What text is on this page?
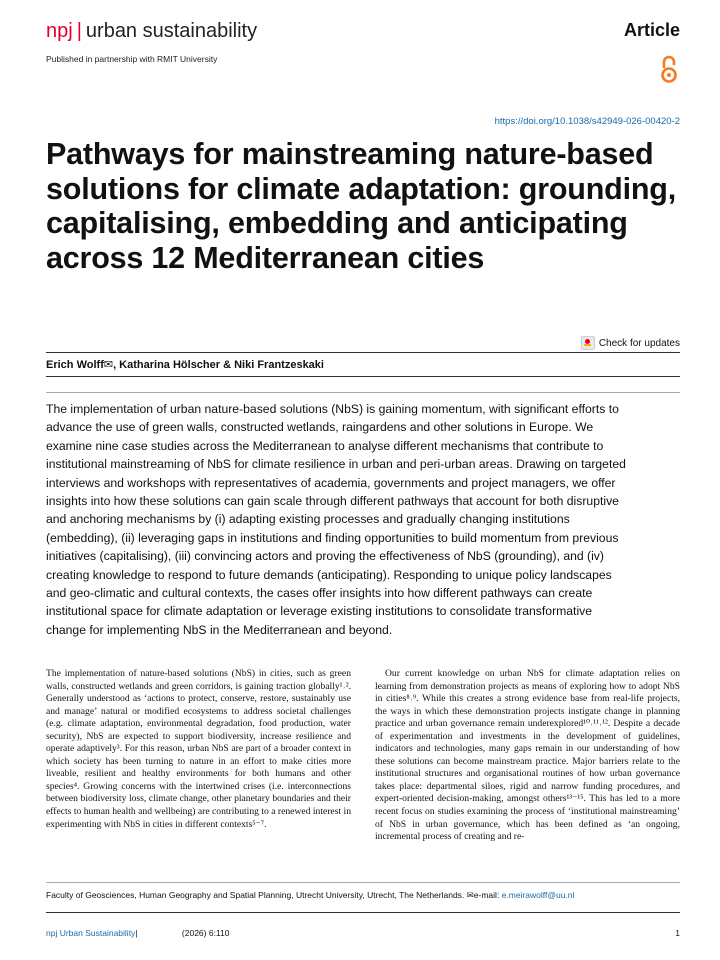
npj | urban sustainability	Article
Published in partnership with RMIT University
https://doi.org/10.1038/s42949-026-00420-2
Pathways for mainstreaming nature-based solutions for climate adaptation: grounding, capitalising, embedding and anticipating across 12 Mediterranean cities
Check for updates
Erich Wolff✉, Katharina Hölscher & Niki Frantzeskaki

The implementation of urban nature-based solutions (NbS) is gaining momentum, with significant efforts to advance the use of green walls, constructed wetlands, raingardens and other solutions in Europe. We examine nine case studies across the Mediterranean to analyse different mechanisms that contribute to institutional mainstreaming of NbS for climate resilience in urban and peri-urban areas. Drawing on targeted interviews and workshops with representatives of academia, governments and project managers, we offer insights into how these solutions can gain scale through different pathways that account for both disruptive and anchoring mechanisms by (i) adapting existing processes and gradually changing institutions (embedding), (ii) leveraging gaps in institutions and finding opportunities to build momentum from previous initiatives (capitalising), (iii) convincing actors and proving the effectiveness of NbS (grounding), and (iv) creating knowledge to respond to future demands (anticipating). Responding to unique policy landscapes and geo-climatic and cultural contexts, the cases offer insights into how different pathways can create institutional space for climate adaptation or leverage existing institutions to consolidate transformative change for implementing NbS in the Mediterranean and beyond.

The implementation of nature-based solutions (NbS) in cities, such as green walls, constructed wetlands and green corridors, is gaining traction globally¹˒². Generally understood as ‘actions to protect, conserve, restore, sustainably use and manage’ natural or modified ecosystems to address societal challenges (e.g. climate adaptation, environmental degradation, food production, water security), NbS are expected to support biodiversity, increase resilience and operate adaptively³. For this reason, urban NbS are part of a broader context in which society has been turning to nature in an effort to make cities more liveable, resilient and healthy environments for both humans and other species⁴. Growing concerns with the intertwined crises (i.e. interconnections between biodiversity loss, climate change, other planetary boundaries and their effects to human health and wellbeing) are contributing to a renewed interest in experimenting with NbS in cities in different contexts⁵⁻⁷.

Our current knowledge on urban NbS for climate adaptation relies on learning from demonstration projects as means of exploring how to adopt NbS in cities⁸˒⁹. While this creates a strong evidence base from real-life projects, the ways in which these demonstration projects instigate change in planning practice and urban governance remain underexplored¹⁰˒¹¹˒¹². Despite a decade of experimentation and investments in the development of guidelines, indicators and technologies, many gaps remain in our understanding of how these solutions can become mainstream practice. Major barriers relate to the institutional structures and organisational routines of how urban governance takes place: departmental siloes, rigid and narrow funding procedures, and expert-oriented decision-making, amongst others¹³⁻¹⁵. This has led to a more recent focus on studies examining the process of ‘institutional mainstreaming’ of NbS in urban governance, which has been defined as ‘an ongoing, incremental process of creating and re-

Faculty of Geosciences, Human Geography and Spatial Planning, Utrecht University, Utrecht, The Netherlands. ✉e-mail: e.meirawolff@uu.nl
npj Urban Sustainability|	(2026) 6:110	1
